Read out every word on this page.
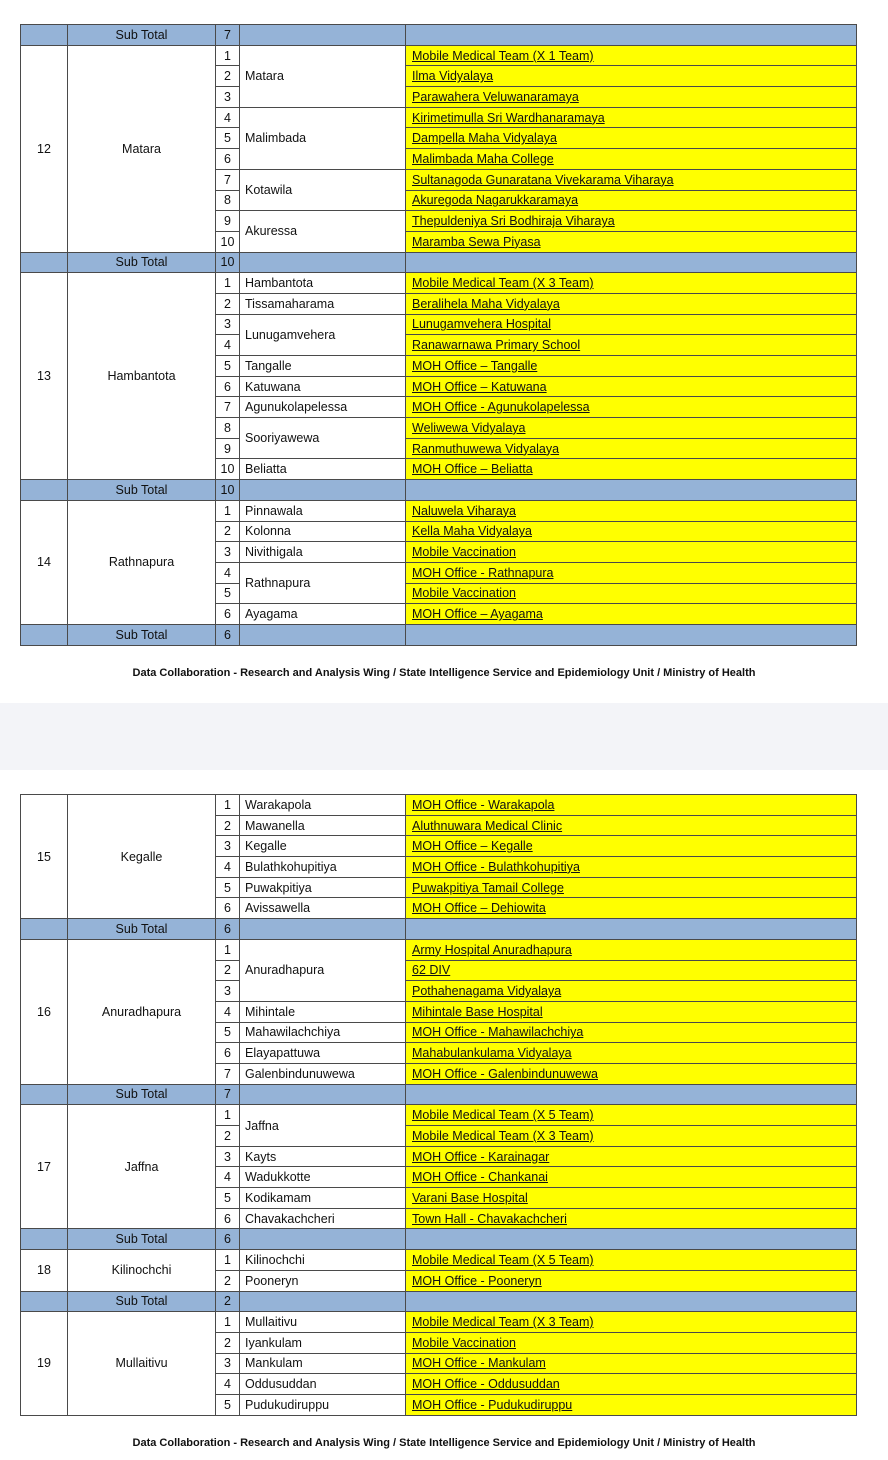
	Sub Total	7		
12	Matara	1	Matara	Mobile Medical Team (X 1 Team)
		2		Ilma Vidyalaya
		3		Parawahera Veluwanaramaya
		4	Malimbada	Kirimetimulla Sri Wardhanaramaya
		5		Dampella Maha Vidyalaya
		6		Malimbada Maha College
		7	Kotawila	Sultanagoda Gunaratana Vivekarama Viharaya
		8		Akuregoda Nagarukkaramaya
		9	Akuressa	Thepuldeniya Sri Bodhiraja Viharaya
		10		Maramba Sewa Piyasa
	Sub Total	10		
13	Hambantota	1	Hambantota	Mobile Medical Team (X 3 Team)
		2	Tissamaharama	Beralihela Maha Vidyalaya
		3	Lunugamvehera	Lunugamvehera Hospital
		4		Ranawarnawa Primary School
		5	Tangalle	MOH Office – Tangalle
		6	Katuwana	MOH Office – Katuwana
		7	Agunukolapelessa	MOH Office - Agunukolapelessa
		8	Sooriyawewa	Weliwewa Vidyalaya
		9		Ranmuthuwewa Vidyalaya
		10	Beliatta	MOH Office – Beliatta
	Sub Total	10		
14	Rathnapura	1	Pinnawala	Naluwela Viharaya
		2	Kolonna	Kella Maha Vidyalaya
		3	Nivithigala	Mobile Vaccination
		4	Rathnapura	MOH Office - Rathnapura
		5		Mobile Vaccination
		6	Ayagama	MOH Office – Ayagama
	Sub Total	6		
Data Collaboration - Research and Analysis Wing / State Intelligence Service and Epidemiology Unit / Ministry of Health
15	Kegalle	1	Warakapola	MOH Office - Warakapola
		2	Mawanella	Aluthnuwara Medical Clinic
		3	Kegalle	MOH Office – Kegalle
		4	Bulathkohupitiya	MOH Office - Bulathkohupitiya
		5	Puwakpitiya	Puwakpitiya Tamail College
		6	Avissawella	MOH Office – Dehiowita
	Sub Total	6		
16	Anuradhapura	1	Anuradhapura	Army Hospital Anuradhapura
		2		62 DIV
		3		Pothahenagama Vidyalaya
		4	Mihintale	Mihintale Base Hospital
		5	Mahawilachchiya	MOH Office - Mahawilachchiya
		6	Elayapattuwa	Mahabulankulama Vidyalaya
		7	Galenbindunuwewa	MOH Office - Galenbindunuwewa
	Sub Total	7		
17	Jaffna	1	Jaffna	Mobile Medical Team (X 5 Team)
		2		Mobile Medical Team (X 3 Team)
		3	Kayts	MOH Office - Karainagar
		4	Wadukkotte	MOH Office - Chankanai
		5	Kodikamam	Varani Base Hospital
		6	Chavakachcheri	Town Hall - Chavakachcheri
	Sub Total	6		
18	Kilinochchi	1	Kilinochchi	Mobile Medical Team (X 5 Team)
		2	Pooneryn	MOH Office - Pooneryn
	Sub Total	2		
19	Mullaitivu	1	Mullaitivu	Mobile Medical Team (X 3 Team)
		2	Iyankulam	Mobile Vaccination
		3	Mankulam	MOH Office - Mankulam
		4	Oddusuddan	MOH Office - Oddusuddan
		5	Pudukudiruppu	MOH Office - Pudukudiruppu
Data Collaboration - Research and Analysis Wing / State Intelligence Service and Epidemiology Unit / Ministry of Health
